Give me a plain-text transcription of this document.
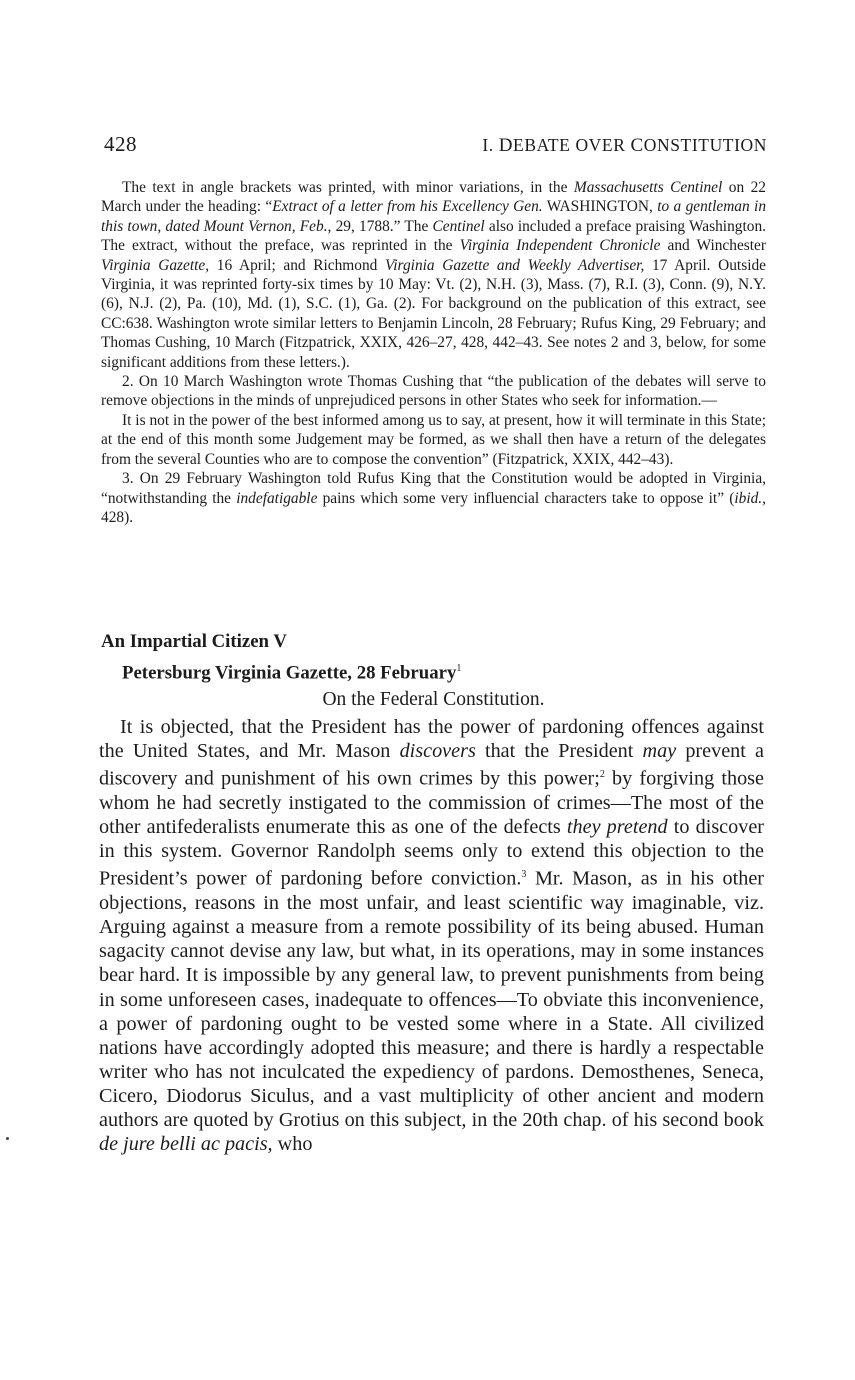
428	I. DEBATE OVER CONSTITUTION

The text in angle brackets was printed, with minor variations, in the Massachusetts Centinel on 22 March under the heading: “Extract of a letter from his Excellency Gen. WASHINGTON, to a gentleman in this town, dated Mount Vernon, Feb., 29, 1788.” The Centinel also included a preface praising Washington. The extract, without the preface, was reprinted in the Virginia Independent Chronicle and Winchester Virginia Gazette, 16 April; and Richmond Virginia Gazette and Weekly Advertiser, 17 April. Outside Virginia, it was reprinted forty-six times by 10 May: Vt. (2), N.H. (3), Mass. (7), R.I. (3), Conn. (9), N.Y. (6), N.J. (2), Pa. (10), Md. (1), S.C. (1), Ga. (2). For background on the publication of this extract, see CC:638. Washington wrote similar letters to Benjamin Lincoln, 28 February; Rufus King, 29 February; and Thomas Cushing, 10 March (Fitzpatrick, XXIX, 426–27, 428, 442–43. See notes 2 and 3, below, for some significant additions from these letters.).

2. On 10 March Washington wrote Thomas Cushing that “the publication of the debates will serve to remove objections in the minds of unprejudiced persons in other States who seek for information.—

It is not in the power of the best informed among us to say, at present, how it will terminate in this State; at the end of this month some Judgement may be formed, as we shall then have a return of the delegates from the several Counties who are to compose the convention” (Fitzpatrick, XXIX, 442–43).

3. On 29 February Washington told Rufus King that the Constitution would be adopted in Virginia, “notwithstanding the indefatigable pains which some very influencial characters take to oppose it” (ibid., 428).

An Impartial Citizen V
Petersburg Virginia Gazette, 28 February$^1$
On the Federal Constitution.

It is objected, that the President has the power of pardoning offences against the United States, and Mr. Mason discovers that the President may prevent a discovery and punishment of his own crimes by this power;$^2$ by forgiving those whom he had secretly instigated to the commission of crimes—The most of the other antifederalists enumerate this as one of the defects they pretend to discover in this system. Governor Randolph seems only to extend this objection to the President’s power of pardoning before conviction.$^3$ Mr. Mason, as in his other objections, reasons in the most unfair, and least scientific way imaginable, viz. Arguing against a measure from a remote possibility of its being abused. Human sagacity cannot devise any law, but what, in its operations, may in some instances bear hard. It is impossible by any general law, to prevent punishments from being in some unforeseen cases, inadequate to offences—To obviate this inconvenience, a power of pardoning ought to be vested some where in a State. All civilized nations have accordingly adopted this measure; and there is hardly a respectable writer who has not inculcated the expediency of pardons. Demosthenes, Seneca, Cicero, Diodorus Siculus, and a vast multiplicity of other ancient and modern authors are quoted by Grotius on this subject, in the 20th chap. of his second book de jure belli ac pacis, who
